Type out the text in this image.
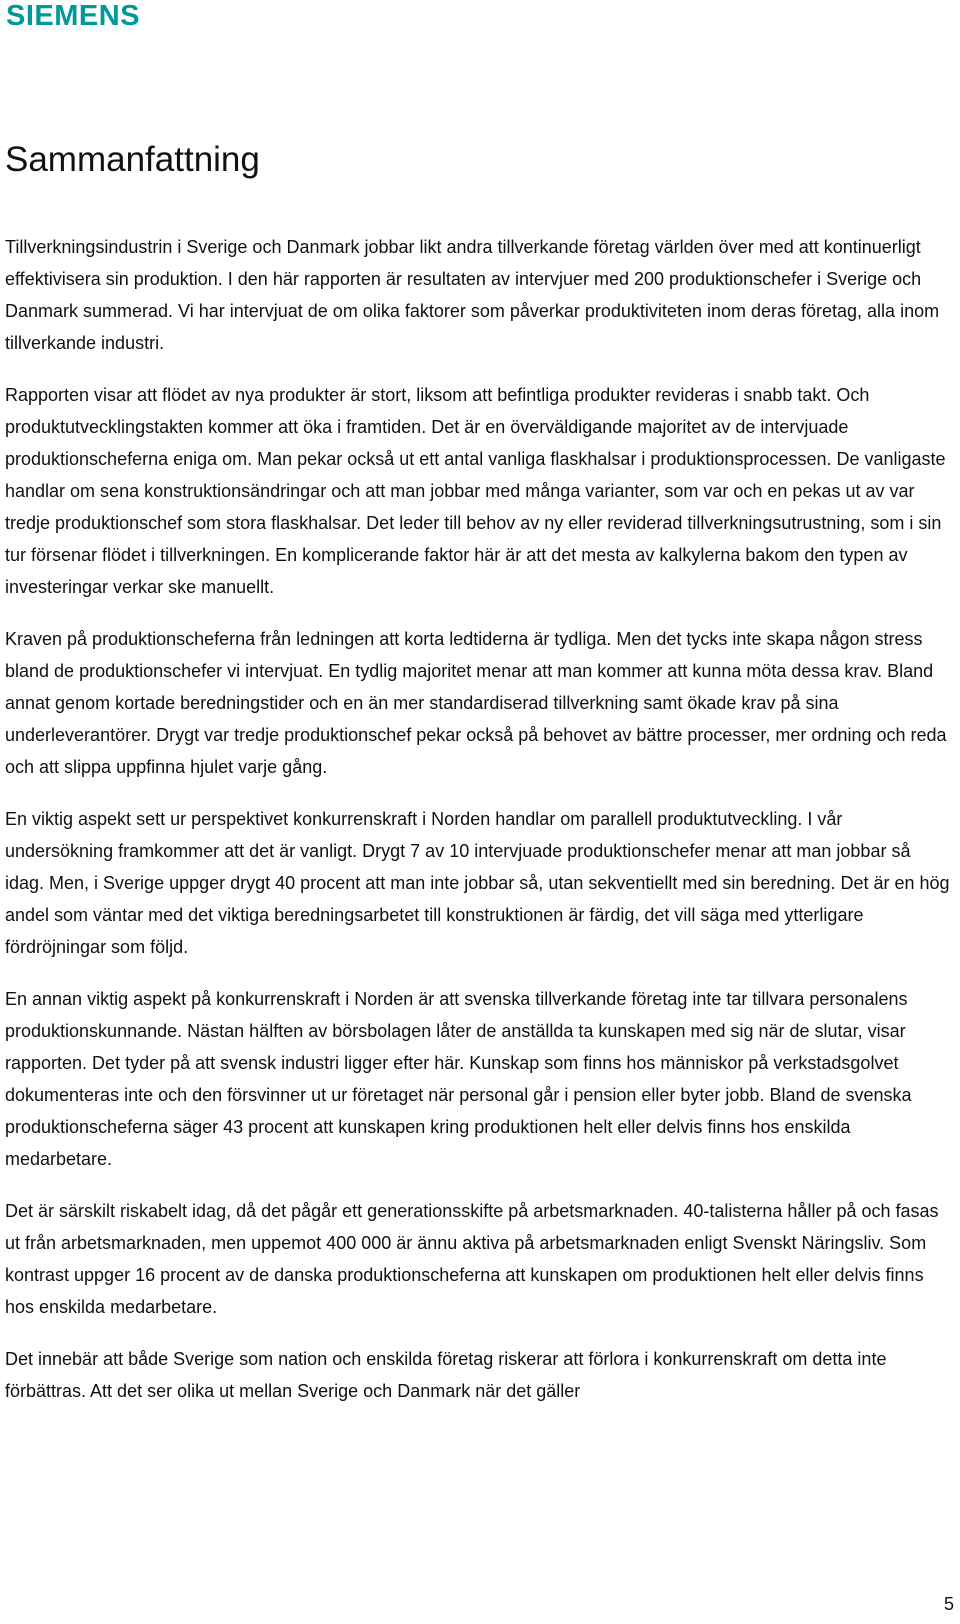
SIEMENS
Sammanfattning

Tillverkningsindustrin i Sverige och Danmark jobbar likt andra tillverkande företag världen över med att kontinuerligt effektivisera sin produktion. I den här rapporten är resultaten av intervjuer med 200 produktionschefer i Sverige och Danmark summerad. Vi har intervjuat de om olika faktorer som påverkar produktiviteten inom deras företag, alla inom tillverkande industri.

Rapporten visar att flödet av nya produkter är stort, liksom att befintliga produkter revideras i snabb takt. Och produktutvecklingstakten kommer att öka i framtiden. Det är en överväldigande majoritet av de intervjuade produktionscheferna eniga om. Man pekar också ut ett antal vanliga flaskhalsar i produktionsprocessen. De vanligaste handlar om sena konstruktionsändringar och att man jobbar med många varianter, som var och en pekas ut av var tredje produktionschef som stora flaskhalsar. Det leder till behov av ny eller reviderad tillverkningsutrustning, som i sin tur försenar flödet i tillverkningen. En komplicerande faktor här är att det mesta av kalkylerna bakom den typen av investeringar verkar ske manuellt.

Kraven på produktionscheferna från ledningen att korta ledtiderna är tydliga. Men det tycks inte skapa någon stress bland de produktionschefer vi intervjuat. En tydlig majoritet menar att man kommer att kunna möta dessa krav. Bland annat genom kortade beredningstider och en än mer standardiserad tillverkning samt ökade krav på sina underleverantörer. Drygt var tredje produktionschef pekar också på behovet av bättre processer, mer ordning och reda och att slippa uppfinna hjulet varje gång.

En viktig aspekt sett ur perspektivet konkurrenskraft i Norden handlar om parallell produktutveckling. I vår undersökning framkommer att det är vanligt. Drygt 7 av 10 intervjuade produktionschefer menar att man jobbar så idag. Men, i Sverige uppger drygt 40 procent att man inte jobbar så, utan sekventiellt med sin beredning. Det är en hög andel som väntar med det viktiga beredningsarbetet till konstruktionen är färdig, det vill säga med ytterligare fördröjningar som följd.

En annan viktig aspekt på konkurrenskraft i Norden är att svenska tillverkande företag inte tar tillvara personalens produktionskunnande. Nästan hälften av börsbolagen låter de anställda ta kunskapen med sig när de slutar, visar rapporten. Det tyder på att svensk industri ligger efter här. Kunskap som finns hos människor på verkstadsgolvet dokumenteras inte och den försvinner ut ur företaget när personal går i pension eller byter jobb. Bland de svenska produktionscheferna säger 43 procent att kunskapen kring produktionen helt eller delvis finns hos enskilda medarbetare.

Det är särskilt riskabelt idag, då det pågår ett generationsskifte på arbetsmarknaden. 40-talisterna håller på och fasas ut från arbetsmarknaden, men uppemot 400 000 är ännu aktiva på arbetsmarknaden enligt Svenskt Näringsliv. Som kontrast uppger 16 procent av de danska produktionscheferna att kunskapen om produktionen helt eller delvis finns hos enskilda medarbetare.

Det innebär att både Sverige som nation och enskilda företag riskerar att förlora i konkurrenskraft om detta inte förbättras. Att det ser olika ut mellan Sverige och Danmark när det gäller

5
